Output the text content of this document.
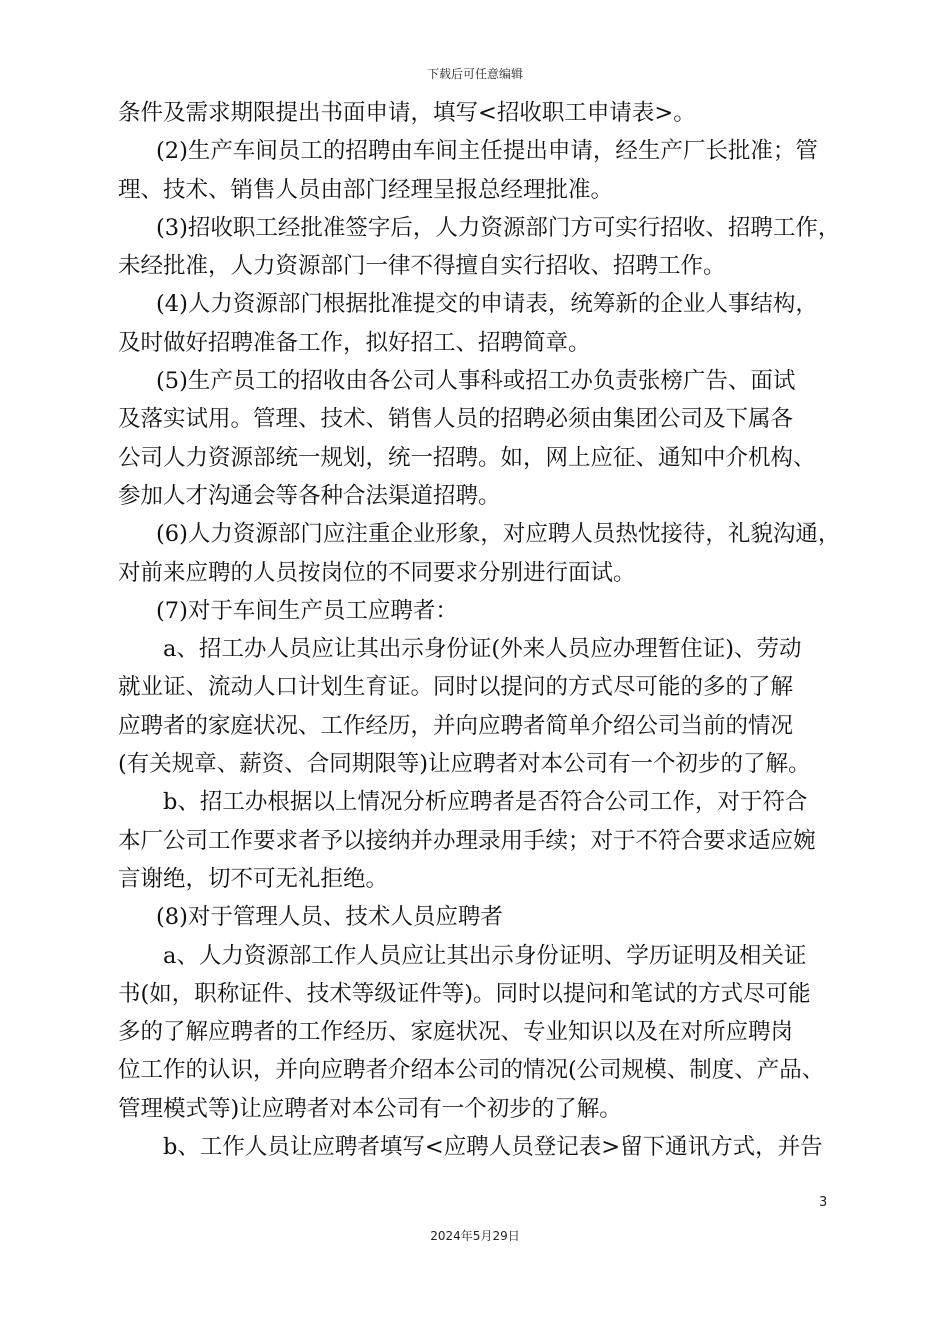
下载后可任意编辑

条件及需求期限提出书面申请，填写<招收职工申请表>。

(2)生产车间员工的招聘由车间主任提出申请，经生产厂长批准；管

理、技术、销售人员由部门经理呈报总经理批准。

(3)招收职工经批准签字后，人力资源部门方可实行招收、招聘工作，

未经批准，人力资源部门一律不得擅自实行招收、招聘工作。

(4)人力资源部门根据批准提交的申请表，统筹新的企业人事结构，

及时做好招聘准备工作，拟好招工、招聘简章。

(5)生产员工的招收由各公司人事科或招工办负责张榜广告、面试

及落实试用。管理、技术、销售人员的招聘必须由集团公司及下属各

公司人力资源部统一规划，统一招聘。如，网上应征、通知中介机构、

参加人才沟通会等各种合法渠道招聘。

(6)人力资源部门应注重企业形象，对应聘人员热忱接待，礼貌沟通，

对前来应聘的人员按岗位的不同要求分别进行面试。

(7)对于车间生产员工应聘者：

a、招工办人员应让其出示身份证(外来人员应办理暂住证)、劳动

就业证、流动人口计划生育证。同时以提问的方式尽可能的多的了解

应聘者的家庭状况、工作经历，并向应聘者简单介绍公司当前的情况

(有关规章、薪资、合同期限等)让应聘者对本公司有一个初步的了解。

b、招工办根据以上情况分析应聘者是否符合公司工作，对于符合

本厂公司工作要求者予以接纳并办理录用手续；对于不符合要求适应婉

言谢绝，切不可无礼拒绝。

(8)对于管理人员、技术人员应聘者

a、人力资源部工作人员应让其出示身份证明、学历证明及相关证

书(如，职称证件、技术等级证件等)。同时以提问和笔试的方式尽可能

多的了解应聘者的工作经历、家庭状况、专业知识以及在对所应聘岗

位工作的认识，并向应聘者介绍本公司的情况(公司规模、制度、产品、

管理模式等)让应聘者对本公司有一个初步的了解。

b、工作人员让应聘者填写<应聘人员登记表>留下通讯方式，并告

3
2024年5月29日
